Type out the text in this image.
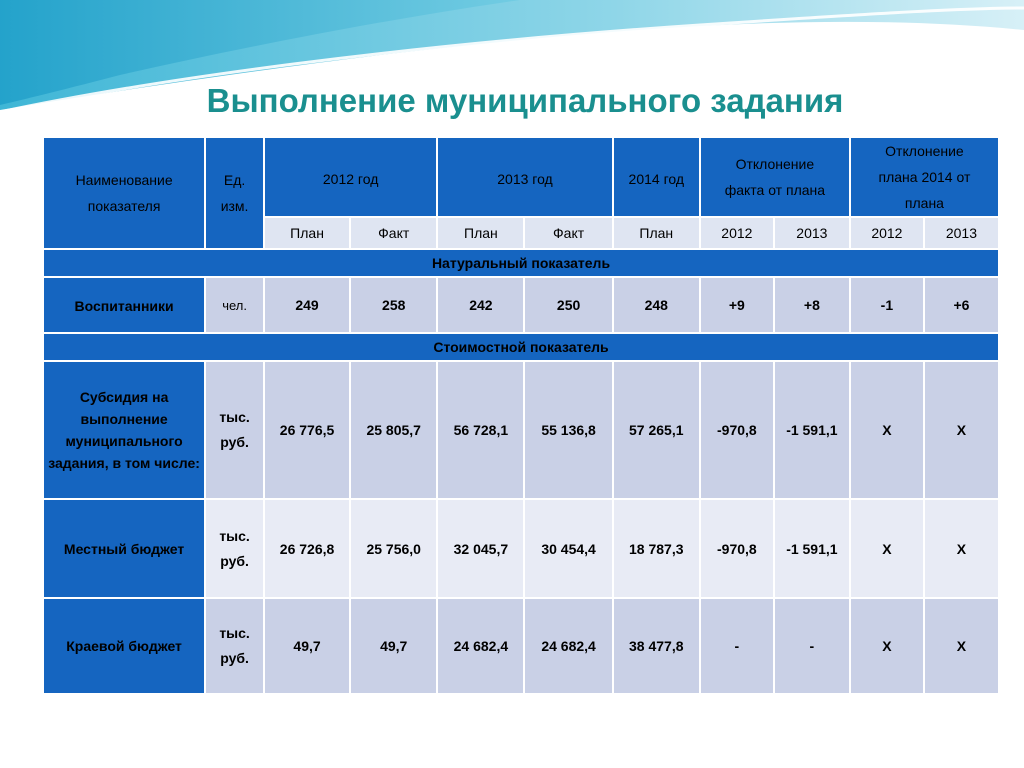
Выполнение муниципального задания
Наименование показателя	Ед. изм.	2012 год		2013 год		2014 год	Отклонение факта от плана		Отклонение плана 2014 от плана	
		План	Факт	План	Факт	План	2012	2013	2012	2013
Натуральный показатель										
Воспитанники	чел.	249	258	242	250	248	+9	+8	-1	+6
Стоимостной показатель										
Субсидия на выполнение муниципального задания, в том числе:	тыс. руб.	26 776,5	25 805,7	56 728,1	55 136,8	57 265,1	-970,8	-1 591,1	Х	Х
Местный бюджет	тыс. руб.	26 726,8	25 756,0	32 045,7	30 454,4	18 787,3	-970,8	-1 591,1	Х	Х
Краевой бюджет	тыс. руб.	49,7	49,7	24 682,4	24 682,4	38 477,8	-	-	Х	Х
